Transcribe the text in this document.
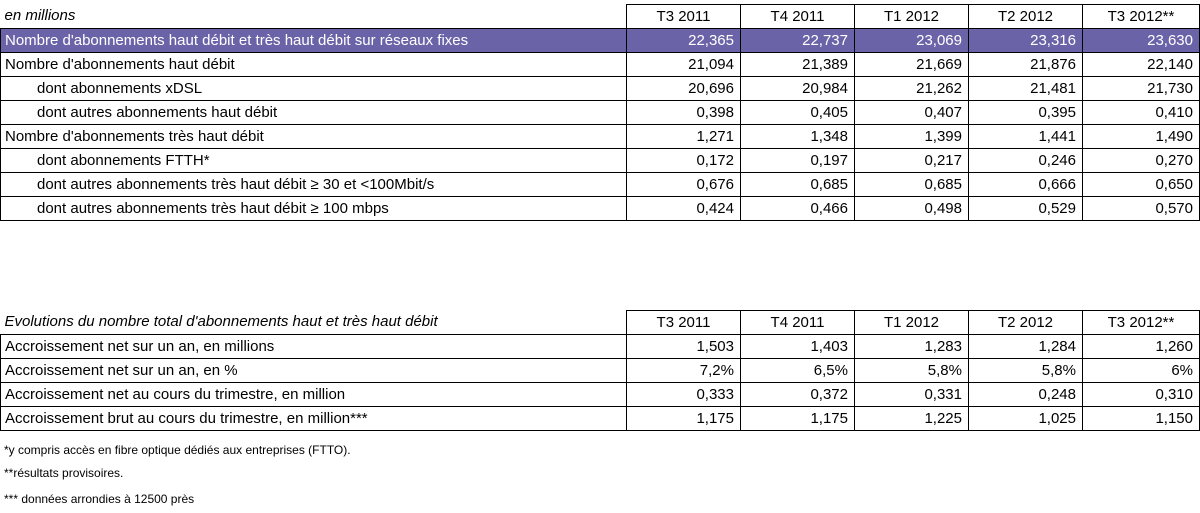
en millions	T3 2011	T4 2011	T1 2012	T2 2012	T3 2012**
Nombre d'abonnements haut débit et très haut débit sur réseaux fixes	22,365	22,737	23,069	23,316	23,630
Nombre d'abonnements haut débit	21,094	21,389	21,669	21,876	22,140
dont abonnements xDSL	20,696	20,984	21,262	21,481	21,730
dont autres abonnements haut débit	0,398	0,405	0,407	0,395	0,410
Nombre d'abonnements très haut débit	1,271	1,348	1,399	1,441	1,490
dont abonnements FTTH*	0,172	0,197	0,217	0,246	0,270
dont autres abonnements très haut débit ≥ 30 et <100Mbit/s	0,676	0,685	0,685	0,666	0,650
dont autres abonnements très haut débit ≥ 100 mbps	0,424	0,466	0,498	0,529	0,570
Evolutions du nombre total d'abonnements haut et très haut débit	T3 2011	T4 2011	T1 2012	T2 2012	T3 2012**
Accroissement net sur un an, en millions	1,503	1,403	1,283	1,284	1,260
Accroissement net sur un an, en %	7,2%	6,5%	5,8%	5,8%	6%
Accroissement net au cours du trimestre, en million	0,333	0,372	0,331	0,248	0,310
Accroissement brut au cours du trimestre, en million***	1,175	1,175	1,225	1,025	1,150
*y compris accès en fibre optique dédiés aux entreprises (FTTO).
**résultats provisoires.
*** données arrondies à 12500 près
